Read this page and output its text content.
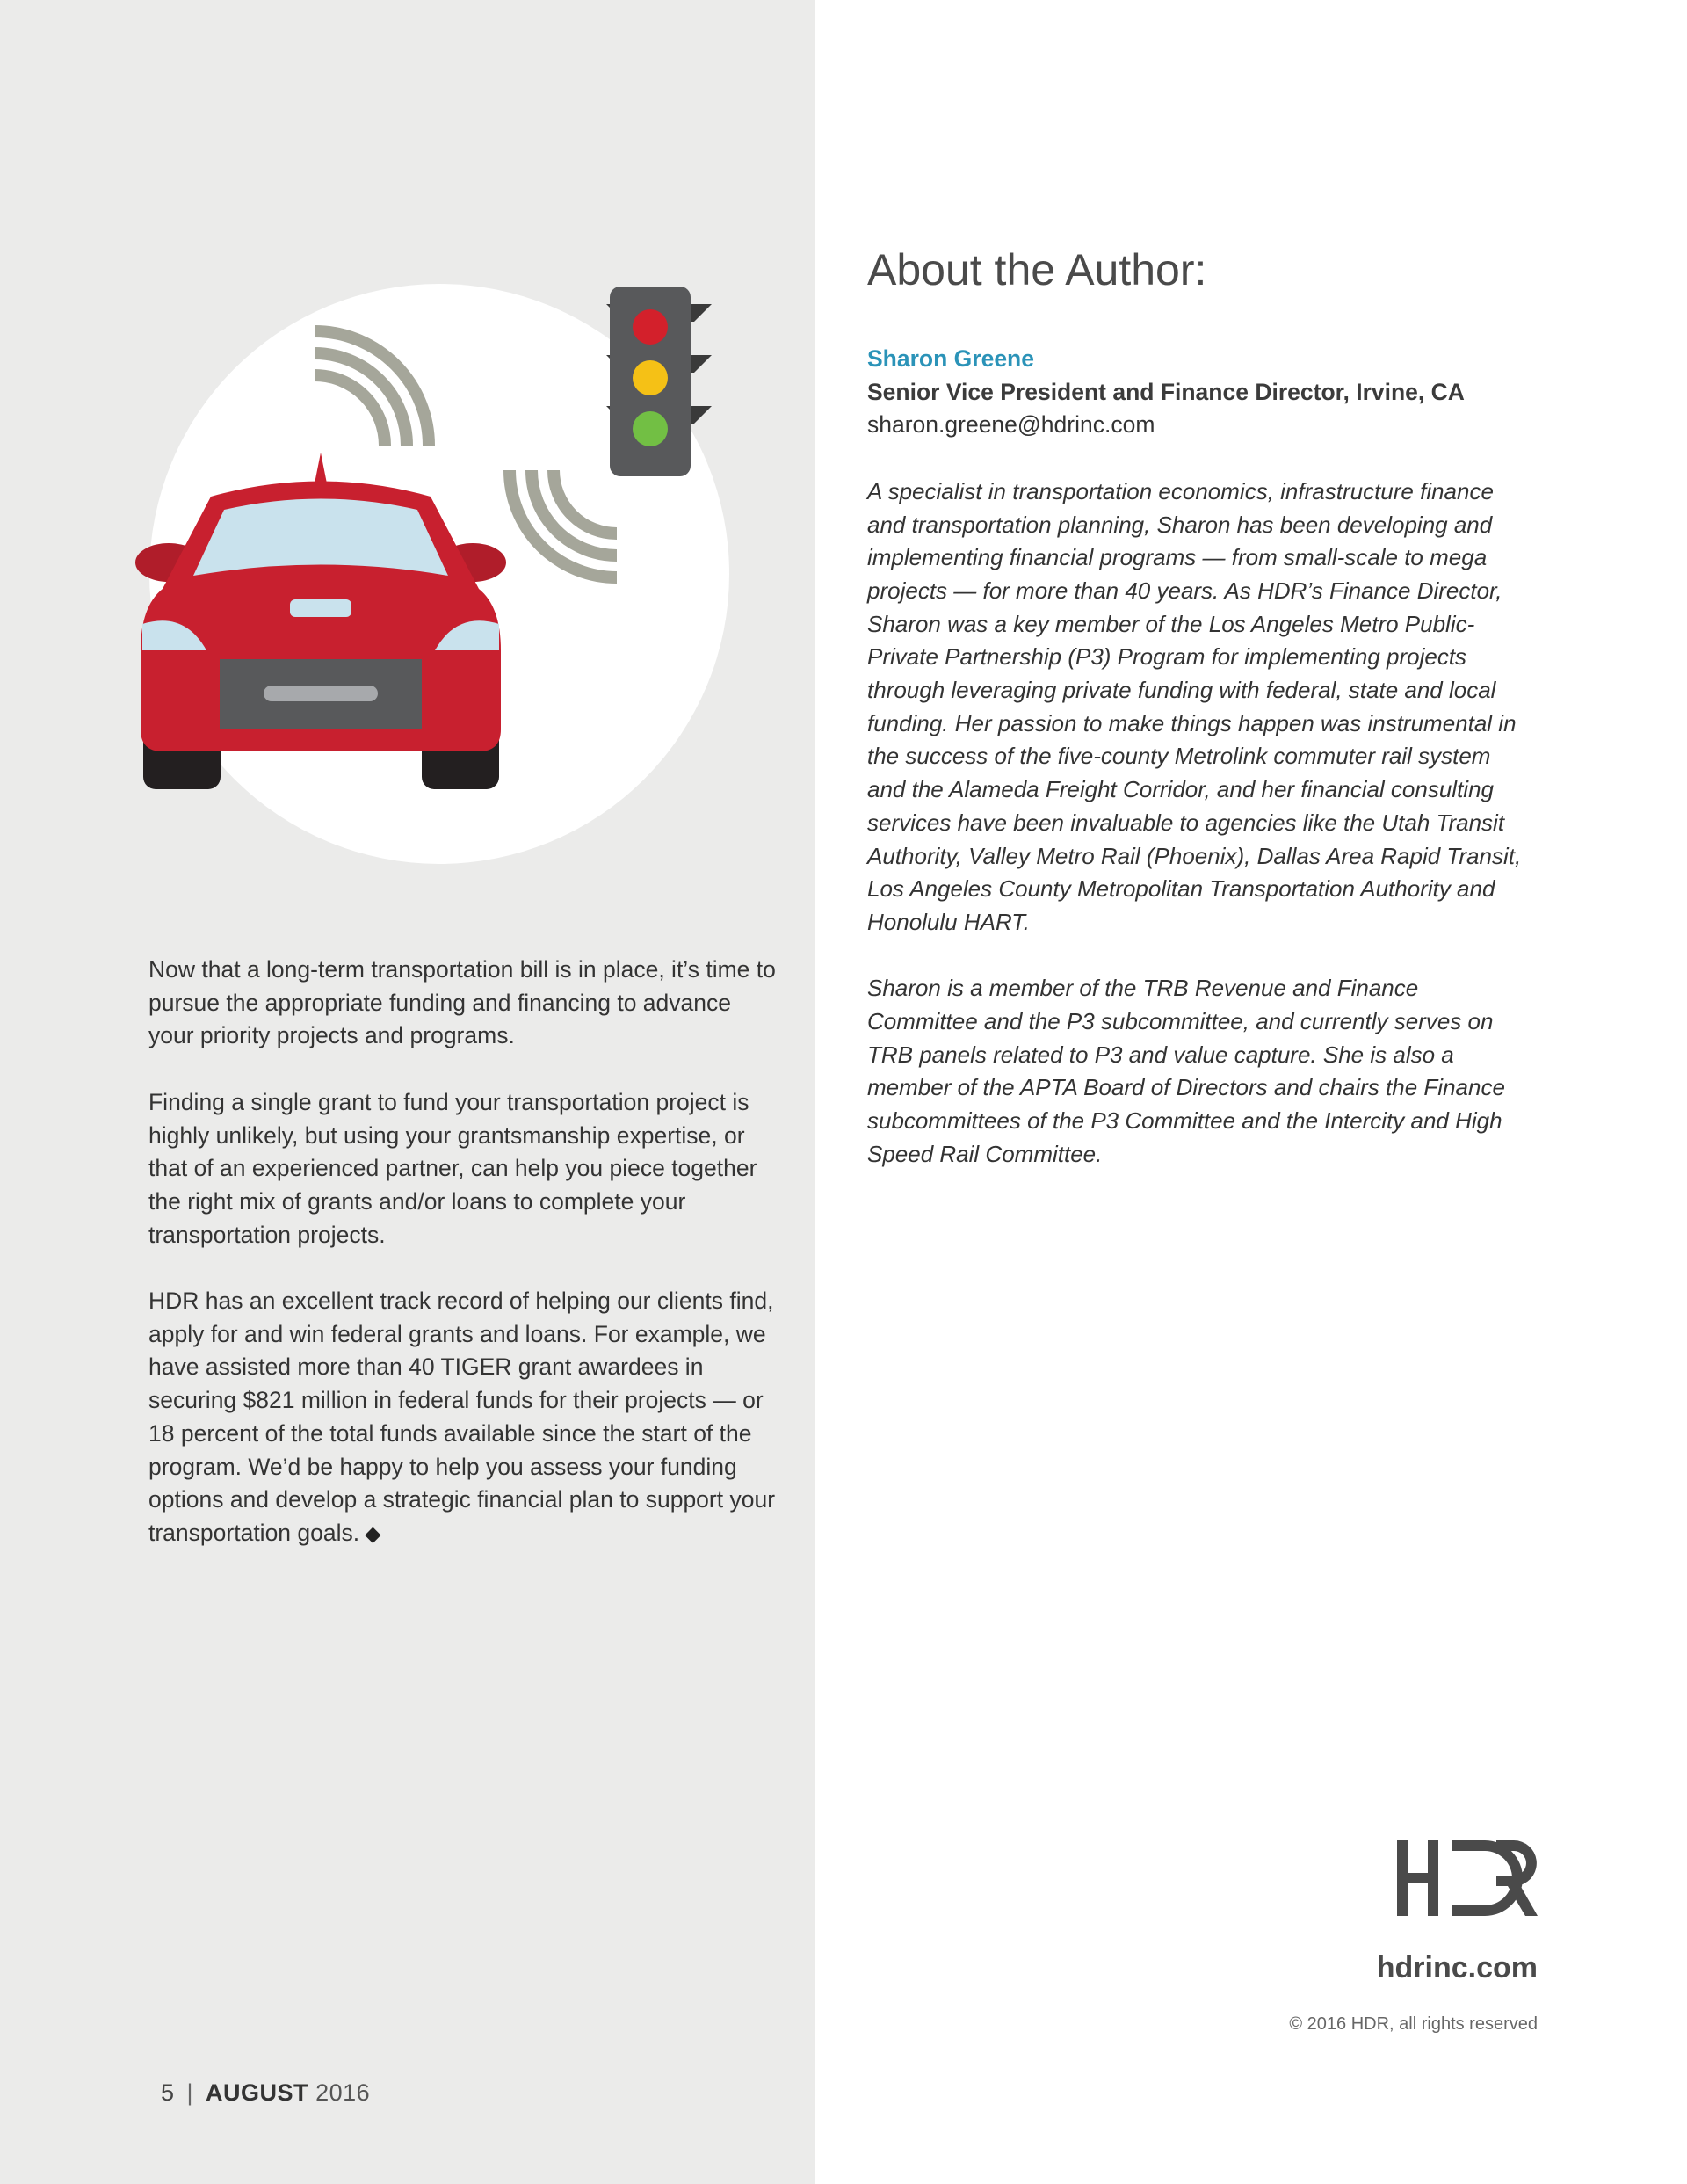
Now that a long-term transportation bill is in place, it’s time to pursue the appropriate funding and financing to advance your priority projects and programs.

Finding a single grant to fund your transportation project is highly unlikely, but using your grantsmanship expertise, or that of an experienced partner, can help you piece together the right mix of grants and/or loans to complete your transportation projects.

HDR has an excellent track record of helping our clients find, apply for and win federal grants and loans. For example, we have assisted more than 40 TIGER grant awardees in securing $821 million in federal funds for their projects — or 18 percent of the total funds available since the start of the program. We’d be happy to help you assess your funding options and develop a strategic financial plan to support your transportation goals. ◆

5 | AUGUST 2016
About the Author:
Sharon Greene
Senior Vice President and Finance Director, Irvine, CA
sharon.greene@hdrinc.com

A specialist in transportation economics, infrastructure finance and transportation planning, Sharon has been developing and implementing financial programs — from small-scale to mega projects — for more than 40 years. As HDR’s Finance Director, Sharon was a key member of the Los Angeles Metro Public-Private Partnership (P3) Program for implementing projects through leveraging private funding with federal, state and local funding. Her passion to make things happen was instrumental in the success of the five-county Metrolink commuter rail system and the Alameda Freight Corridor, and her financial consulting services have been invaluable to agencies like the Utah Transit Authority, Valley Metro Rail (Phoenix), Dallas Area Rapid Transit, Los Angeles County Metropolitan Transportation Authority and Honolulu HART.

Sharon is a member of the TRB Revenue and Finance Committee and the P3 subcommittee, and currently serves on TRB panels related to P3 and value capture. She is also a member of the APTA Board of Directors and chairs the Finance subcommittees of the P3 Committee and the Intercity and High Speed Rail Committee.

hdrinc.com
© 2016 HDR, all rights reserved
